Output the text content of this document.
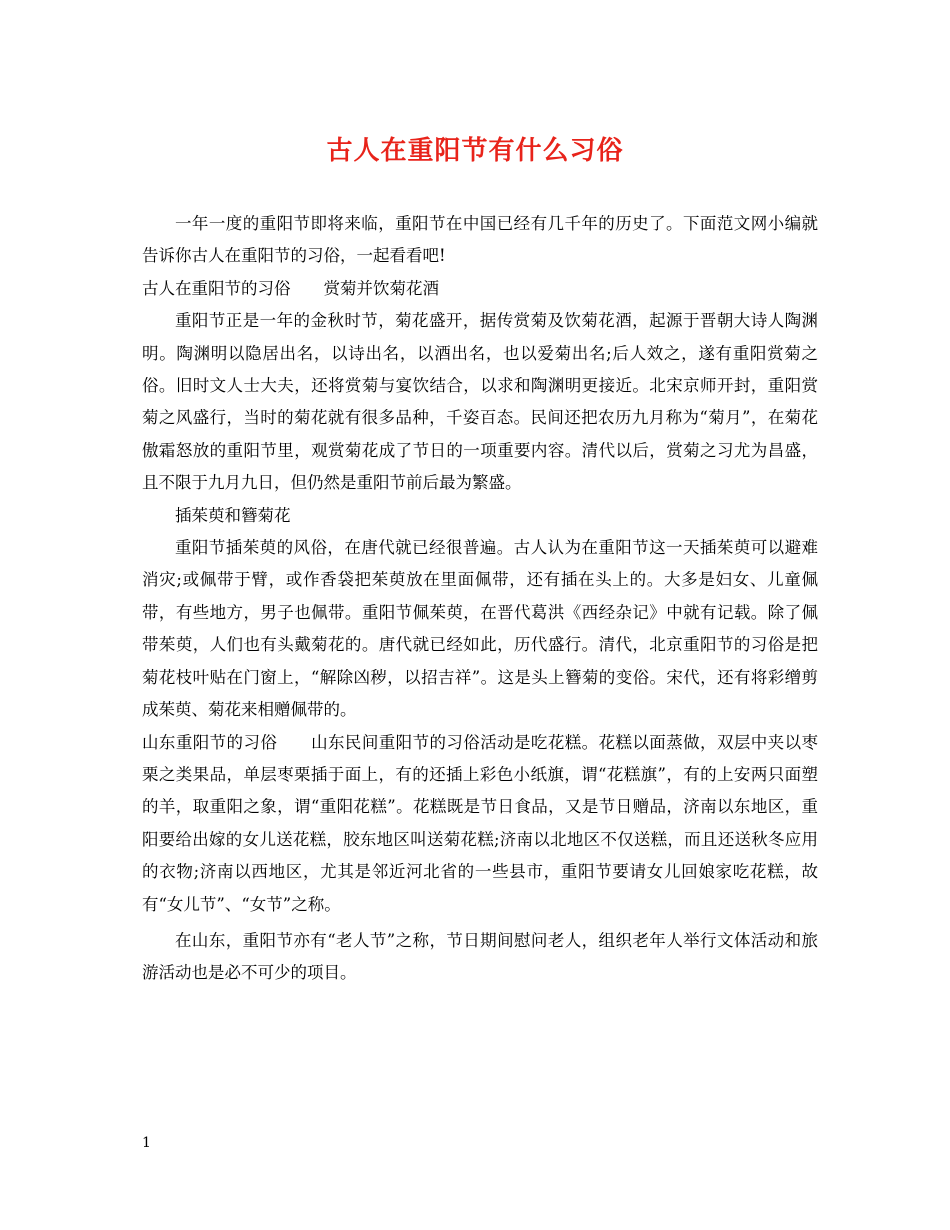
古人在重阳节有什么习俗

一年一度的重阳节即将来临，重阳节在中国已经有几千年的历史了。下面范文网小编就告诉你古人在重阳节的习俗，一起看看吧!

古人在重阳节的习俗　　赏菊并饮菊花酒

重阳节正是一年的金秋时节，菊花盛开，据传赏菊及饮菊花酒，起源于晋朝大诗人陶渊明。陶渊明以隐居出名，以诗出名，以酒出名，也以爱菊出名;后人效之，遂有重阳赏菊之俗。旧时文人士大夫，还将赏菊与宴饮结合，以求和陶渊明更接近。北宋京师开封，重阳赏菊之风盛行，当时的菊花就有很多品种，千姿百态。民间还把农历九月称为“菊月”，在菊花傲霜怒放的重阳节里，观赏菊花成了节日的一项重要内容。清代以后，赏菊之习尤为昌盛，且不限于九月九日，但仍然是重阳节前后最为繁盛。

插茱萸和簪菊花

重阳节插茱萸的风俗，在唐代就已经很普遍。古人认为在重阳节这一天插茱萸可以避难消灾;或佩带于臂，或作香袋把茱萸放在里面佩带，还有插在头上的。大多是妇女、儿童佩带，有些地方，男子也佩带。重阳节佩茱萸，在晋代葛洪《西经杂记》中就有记载。除了佩带茱萸，人们也有头戴菊花的。唐代就已经如此，历代盛行。清代，北京重阳节的习俗是把菊花枝叶贴在门窗上，“解除凶秽，以招吉祥”。这是头上簪菊的变俗。宋代，还有将彩缯剪成茱萸、菊花来相赠佩带的。

山东重阳节的习俗　　山东民间重阳节的习俗活动是吃花糕。花糕以面蒸做，双层中夹以枣栗之类果品，单层枣栗插于面上，有的还插上彩色小纸旗，谓“花糕旗”，有的上安两只面塑的羊，取重阳之象，谓“重阳花糕”。花糕既是节日食品，又是节日赠品，济南以东地区，重阳要给出嫁的女儿送花糕，胶东地区叫送菊花糕;济南以北地区不仅送糕，而且还送秋冬应用的衣物;济南以西地区，尤其是邻近河北省的一些县市，重阳节要请女儿回娘家吃花糕，故有“女儿节”、“女节”之称。

在山东，重阳节亦有“老人节”之称，节日期间慰问老人，组织老年人举行文体活动和旅游活动也是必不可少的项目。

1
